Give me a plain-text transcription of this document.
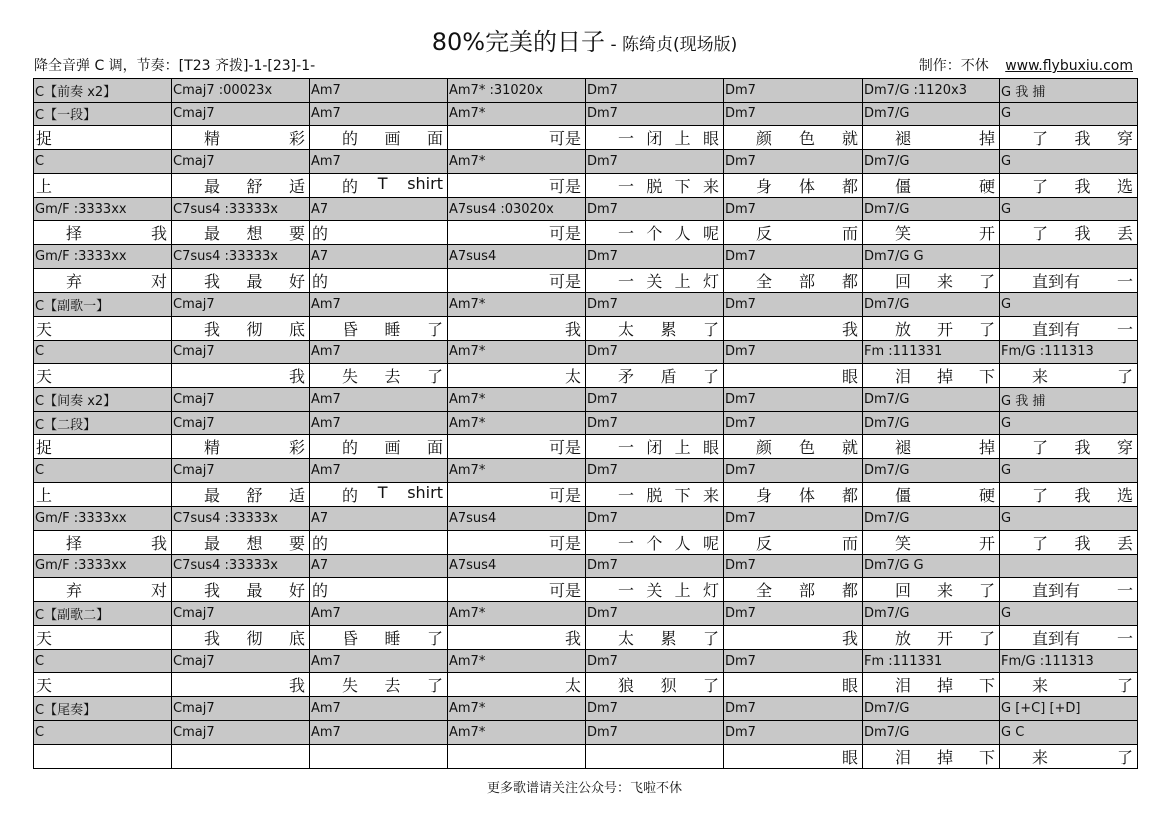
80%完美的日子 - 陈绮贞(现场版)
降全音弹 C 调，节奏：[T23 齐拨]-1-[23]-1-	制作：不休 www.flybuxiu.com
C【前奏 x2】	Cmaj7 :00023x	Am7	Am7* :31020x	Dm7	Dm7	Dm7/G :1120x3	G 我 捕

C【一段】	Cmaj7	Am7	Am7*	Dm7	Dm7	Dm7/G	G

捉	精 彩	的 画 面	可是	一 闭 上 眼	颜 色 就	褪 掉	了 我 穿

C	Cmaj7	Am7	Am7*	Dm7	Dm7	Dm7/G	G

上	最 舒 适	的 T shirt	可是	一 脱 下 来	身 体 都	僵 硬	了 我 选

Gm/F :3333xx	C7sus4 :33333x	A7	A7sus4 :03020x	Dm7	Dm7	Dm7/G	G

择 我	最 想 要	的	可是	一 个 人 呢	反 而	笑 开	了 我 丢

Gm/F :3333xx	C7sus4 :33333x	A7	A7sus4	Dm7	Dm7	Dm7/G G	

弃 对	我 最 好	的	可是	一 关 上 灯	全 部 都	回 来 了	直到有 一

C【副歌一】	Cmaj7	Am7	Am7*	Dm7	Dm7	Dm7/G	G

天	我 彻 底	昏 睡 了	我	太 累 了	我	放 开 了	直到有 一

C	Cmaj7	Am7	Am7*	Dm7	Dm7	Fm :111331	Fm/G :111313

天	我	失 去 了	太	矛 盾 了	眼	泪 掉 下	来 了

C【间奏 x2】	Cmaj7	Am7	Am7*	Dm7	Dm7	Dm7/G	G 我 捕

C【二段】	Cmaj7	Am7	Am7*	Dm7	Dm7	Dm7/G	G

捉	精 彩	的 画 面	可是	一 闭 上 眼	颜 色 就	褪 掉	了 我 穿

C	Cmaj7	Am7	Am7*	Dm7	Dm7	Dm7/G	G

上	最 舒 适	的 T shirt	可是	一 脱 下 来	身 体 都	僵 硬	了 我 选

Gm/F :3333xx	C7sus4 :33333x	A7	A7sus4	Dm7	Dm7	Dm7/G	G

择 我	最 想 要	的	可是	一 个 人 呢	反 而	笑 开	了 我 丢

Gm/F :3333xx	C7sus4 :33333x	A7	A7sus4	Dm7	Dm7	Dm7/G G	

弃 对	我 最 好	的	可是	一 关 上 灯	全 部 都	回 来 了	直到有 一

C【副歌二】	Cmaj7	Am7	Am7*	Dm7	Dm7	Dm7/G	G

天	我 彻 底	昏 睡 了	我	太 累 了	我	放 开 了	直到有 一

C	Cmaj7	Am7	Am7*	Dm7	Dm7	Fm :111331	Fm/G :111313

天	我	失 去 了	太	狼 狈 了	眼	泪 掉 下	来 了

C【尾奏】	Cmaj7	Am7	Am7*	Dm7	Dm7	Dm7/G	G [+C] [+D]

C	Cmaj7	Am7	Am7*	Dm7	Dm7	Dm7/G	G C

					眼	泪 掉 下	来 了
更多歌谱请关注公众号：飞啦不休
